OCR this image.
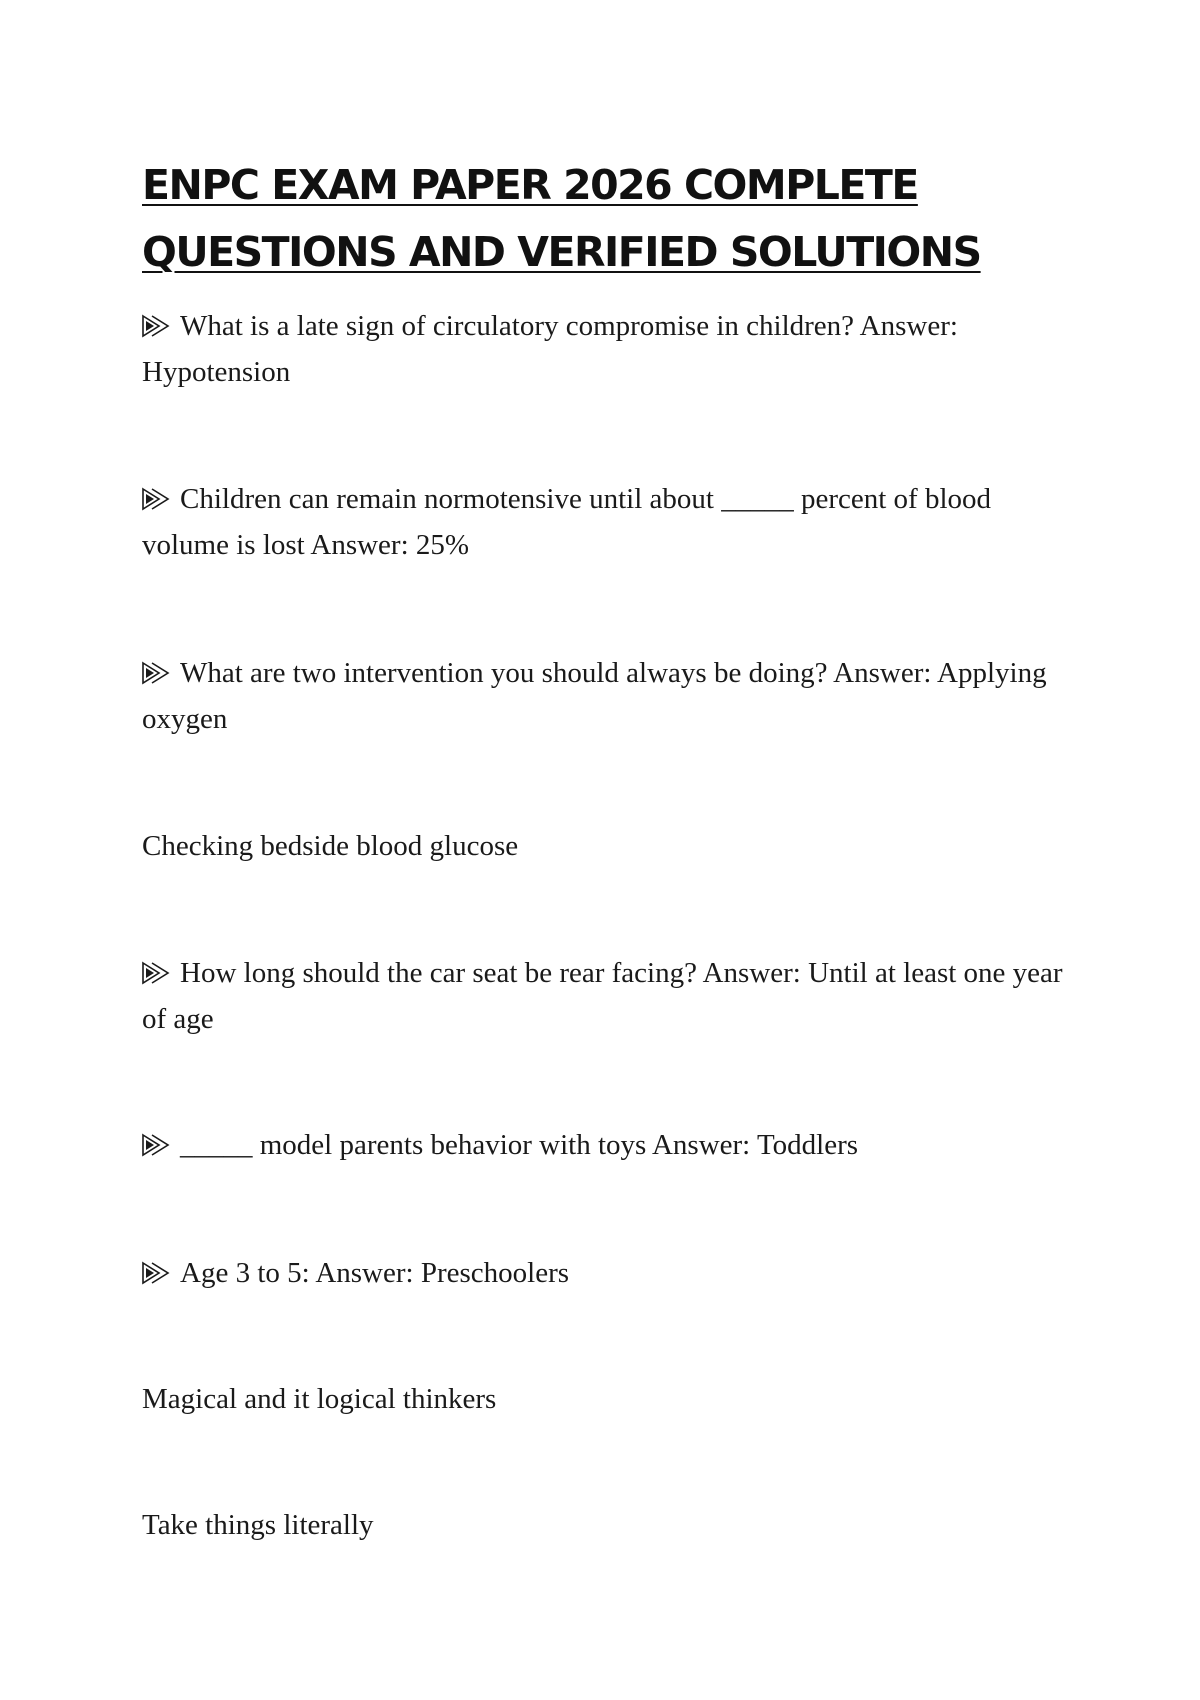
ENPC EXAM PAPER 2026 COMPLETE
QUESTIONS AND VERIFIED SOLUTIONS

What is a late sign of circulatory compromise in children? Answer: Hypotension

Children can remain normotensive until about _____ percent of blood volume is lost Answer: 25%

What are two intervention you should always be doing? Answer: Applying oxygen

Checking bedside blood glucose

How long should the car seat be rear facing? Answer: Until at least one year of age

_____ model parents behavior with toys Answer: Toddlers

Age 3 to 5: Answer: Preschoolers

Magical and it logical thinkers

Take things literally
